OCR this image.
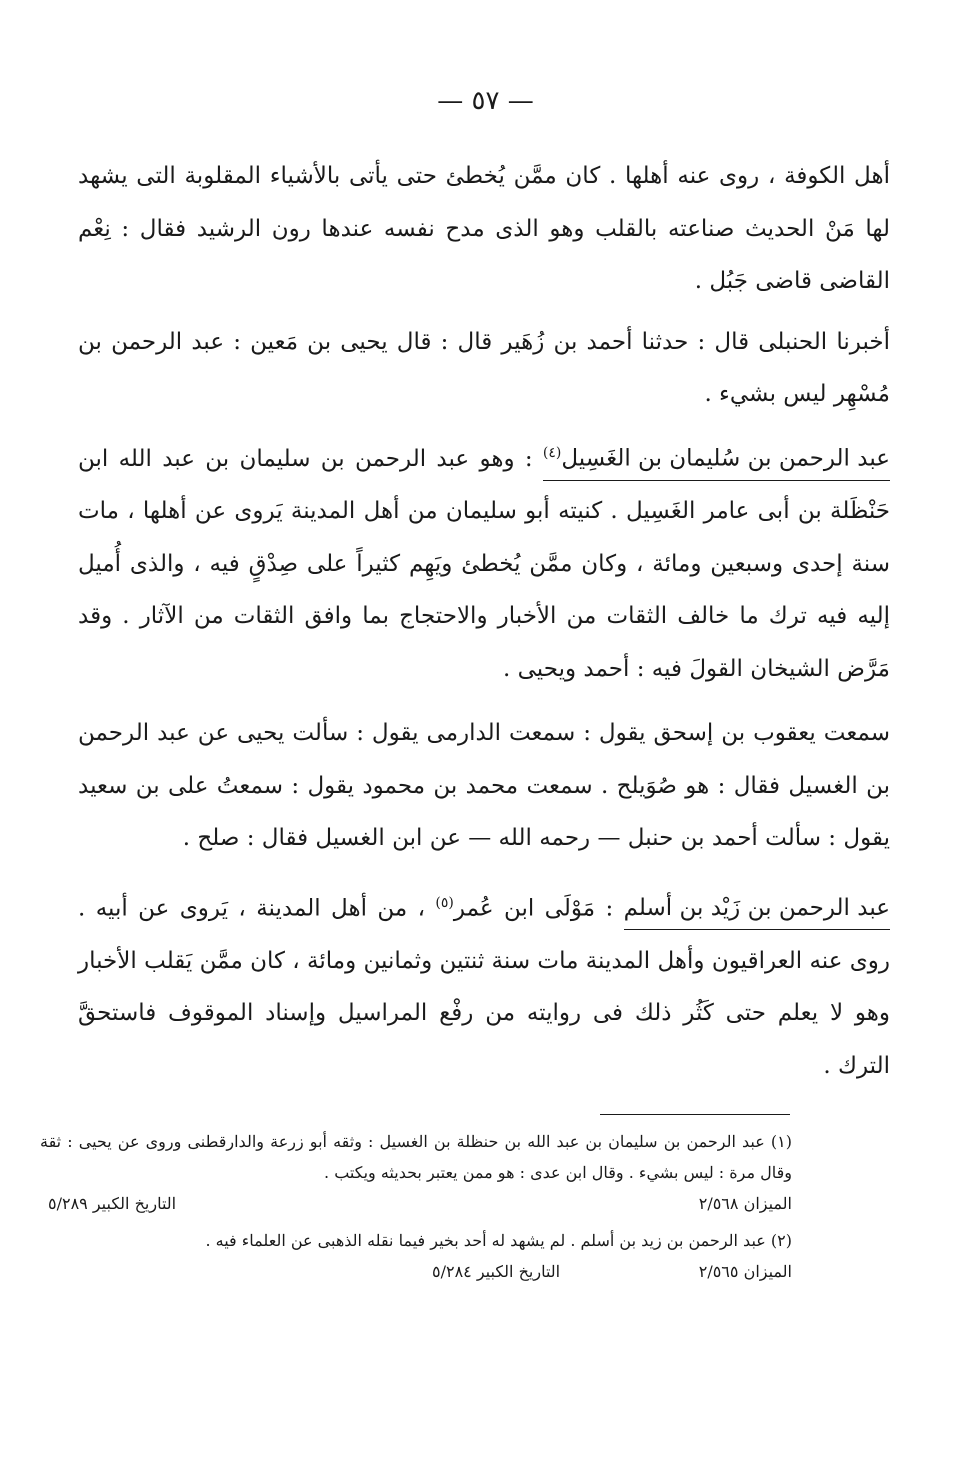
— ٥٧ —

أهل الكوفة ، روى عنه أهلها . كان ممَّن يُخطئ حتى يأتى بالأشياء المقلوبة التى يشهد لها مَنْ الحديث صناعته بالقلب وهو الذى مدح نفسه عندها رون الرشيد فقال : نِعْم القاضى قاضى جَبُل .

أخبرنا الحنبلى قال : حدثنا أحمد بن زُهَير قال : قال يحيى بن مَعين : عبد الرحمن بن مُسْهِر ليس بشيء .

عبد الرحمن بن سُليمان بن الغَسِيل$^{(٤)}$ : وهو عبد الرحمن بن سليمان بن عبد الله ابن حَنْظَلة بن أبى عامر الغَسِيل . كنيته أبو سليمان من أهل المدينة يَروى عن أهلها ، مات سنة إحدى وسبعين ومائة ، وكان ممَّن يُخطئ ويَهِم كثيراً على صِدْقٍ فيه ، والذى أُميل إليه فيه ترك ما خالف الثقات من الأخبار والاحتجاج بما وافق الثقات من الآثار . وقد مَرَّض الشيخان القولَ فيه : أحمد ويحيى .

سمعت يعقوب بن إسحق يقول : سمعت الدارمى يقول : سألت يحيى عن عبد الرحمن بن الغسيل فقال : هو صُوَيلح . سمعت محمد بن محمود يقول : سمعتُ على بن سعيد يقول : سألت أحمد بن حنبل — رحمه الله — عن ابن الغسيل فقال : صلح .

عبد الرحمن بن زَيْد بن أسلم : مَوْلَى ابن عُمر$^{(٥)}$ ، من أهل المدينة ، يَروى عن أبيه . روى عنه العراقيون وأهل المدينة مات سنة ثنتين وثمانين ومائة ، كان ممَّن يَقلب الأخبار وهو لا يعلم حتى كَثُر ذلك فى روايته من رفْع المراسيل وإسناد الموقوف فاستحقَّ الترك .

(١) عبد الرحمن بن سليمان بن عبد الله بن حنظلة بن الغسيل : وثقه أبو زرعة والدارقطنى وروى عن يحيى : ثقة وقال مرة : ليس بشيء . وقال ابن عدى : هو ممن يعتبر بحديثه ويكتب .

الميزان ٢/٥٦٨
التاريخ الكبير ٥/٢٨٩

(٢) عبد الرحمن بن زيد بن أسلم . لم يشهد له أحد بخير فيما نقله الذهبى عن العلماء فيه .

الميزان ٢/٥٦٥
التاريخ الكبير ٥/٢٨٤
